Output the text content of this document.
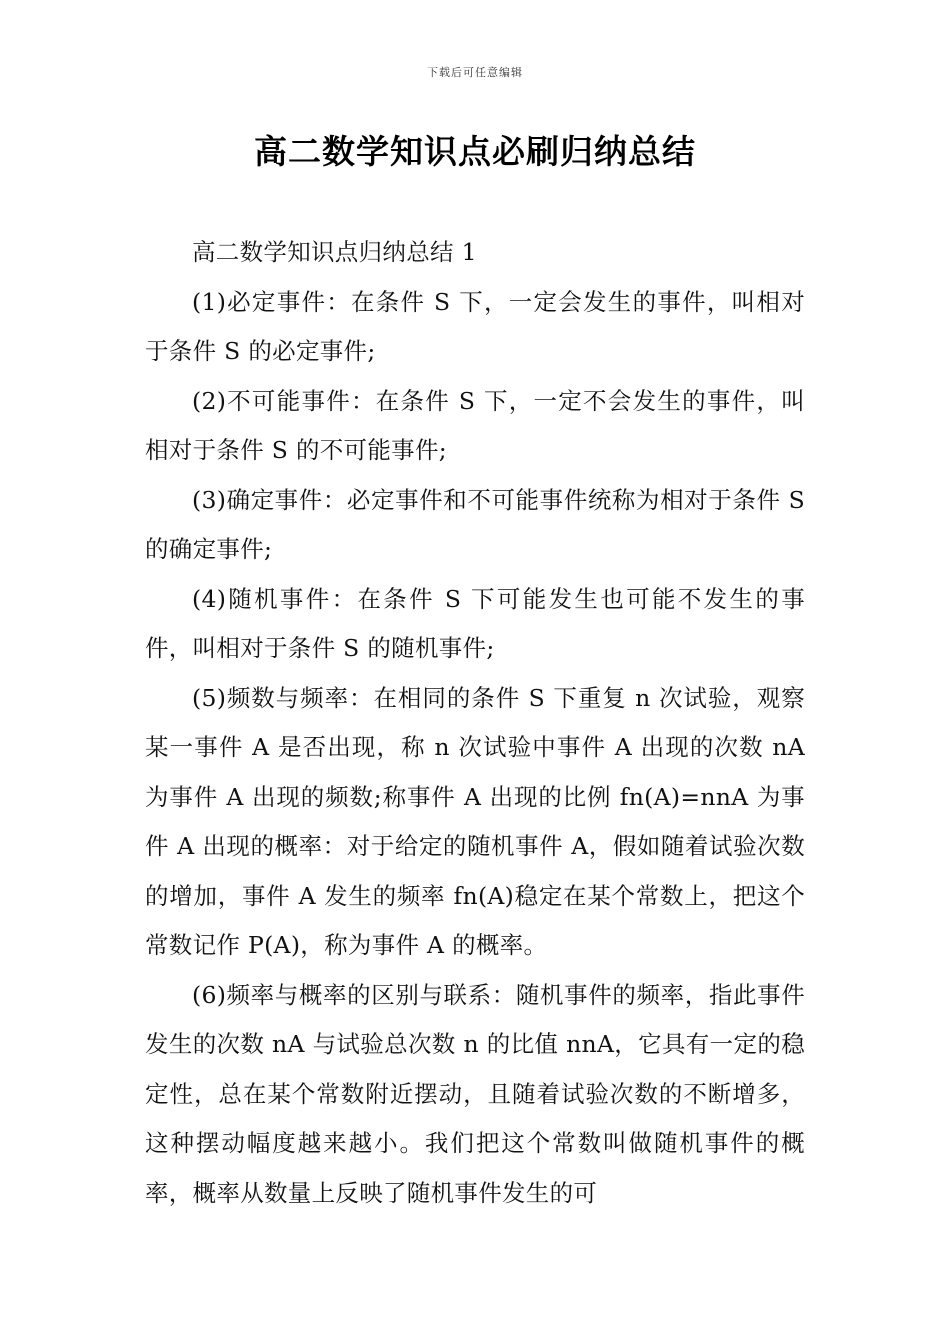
下载后可任意编辑
高二数学知识点必刷归纳总结

高二数学知识点归纳总结 1

(1)必定事件：在条件 S 下，一定会发生的事件，叫相对于条件 S 的必定事件;

(2)不可能事件：在条件 S 下，一定不会发生的事件，叫相对于条件 S 的不可能事件;

(3)确定事件：必定事件和不可能事件统称为相对于条件 S 的确定事件;

(4)随机事件：在条件 S 下可能发生也可能不发生的事件，叫相对于条件 S 的随机事件;

(5)频数与频率：在相同的条件 S 下重复 n 次试验，观察某一事件 A 是否出现，称 n 次试验中事件 A 出现的次数 nA 为事件 A 出现的频数;称事件 A 出现的比例 fn(A)=nnA 为事件 A 出现的概率：对于给定的随机事件 A，假如随着试验次数的增加，事件 A 发生的频率 fn(A)稳定在某个常数上，把这个常数记作 P(A)，称为事件 A 的概率。

(6)频率与概率的区别与联系：随机事件的频率，指此事件发生的次数 nA 与试验总次数 n 的比值 nnA，它具有一定的稳定性，总在某个常数附近摆动，且随着试验次数的不断增多，这种摆动幅度越来越小。我们把这个常数叫做随机事件的概率，概率从数量上反映了随机事件发生的可
